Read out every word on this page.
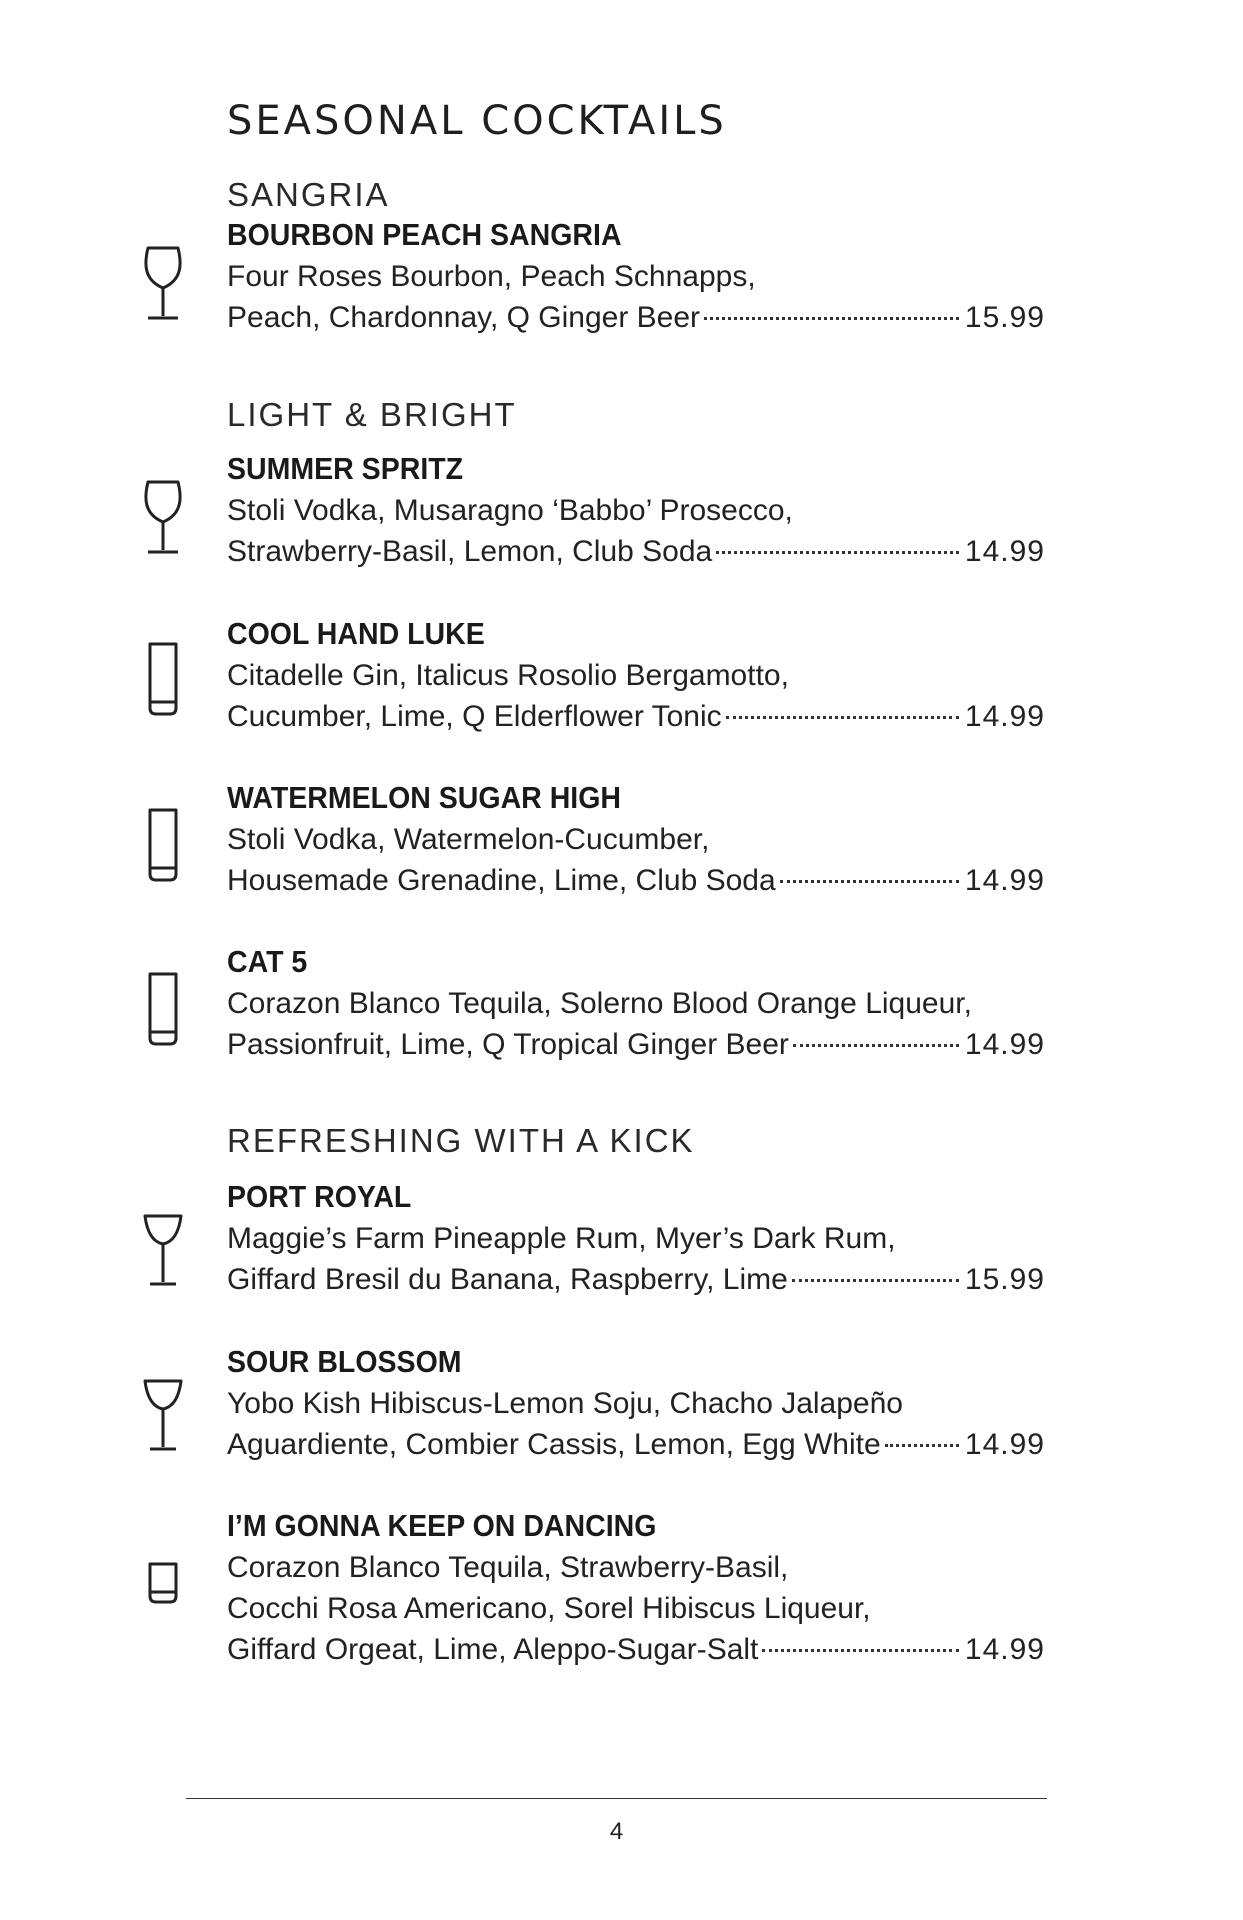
SEASONAL COCKTAILS
SANGRIA
BOURBON PEACH SANGRIA
Four Roses Bourbon, Peach Schnapps,
Peach, Chardonnay, Q Ginger Beer	15.99
LIGHT & BRIGHT
SUMMER SPRITZ
Stoli Vodka, Musaragno ‘Babbo’ Prosecco,
Strawberry-Basil, Lemon, Club Soda	14.99
COOL HAND LUKE
Citadelle Gin, Italicus Rosolio Bergamotto,
Cucumber, Lime, Q Elderflower Tonic	14.99
WATERMELON SUGAR HIGH
Stoli Vodka, Watermelon-Cucumber,
Housemade Grenadine, Lime, Club Soda	14.99
CAT 5
Corazon Blanco Tequila, Solerno Blood Orange Liqueur,
Passionfruit, Lime, Q Tropical Ginger Beer	14.99
REFRESHING WITH A KICK
PORT ROYAL
Maggie’s Farm Pineapple Rum, Myer’s Dark Rum,
Giffard Bresil du Banana, Raspberry, Lime	15.99
SOUR BLOSSOM
Yobo Kish Hibiscus-Lemon Soju, Chacho Jalapeño
Aguardiente, Combier Cassis, Lemon, Egg White	14.99
I’M GONNA KEEP ON DANCING
Corazon Blanco Tequila, Strawberry-Basil,
Cocchi Rosa Americano, Sorel Hibiscus Liqueur,
Giffard Orgeat, Lime, Aleppo-Sugar-Salt	14.99
4
